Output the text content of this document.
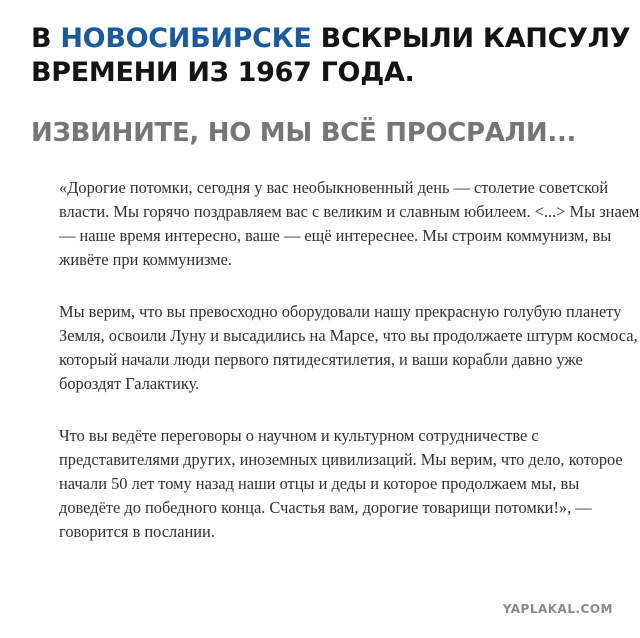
В НОВОСИБИРСКЕ ВСКРЫЛИ КАПСУЛУ
ВРЕМЕНИ ИЗ 1967 ГОДА.
ИЗВИНИТЕ, НО МЫ ВСЁ ПРОСРАЛИ...

«Дорогие потомки, сегодня у вас необыкновенный день — столетие советской
власти. Мы горячо поздравляем вас с великим и славным юбилеем. <...> Мы знаем
— наше время интересно, ваше — ещё интереснее. Мы строим коммунизм, вы
живёте при коммунизме.

Мы верим, что вы превосходно оборудовали нашу прекрасную голубую планету
Земля, освоили Луну и высадились на Марсе, что вы продолжаете штурм космоса,
который начали люди первого пятидесятилетия, и ваши корабли давно уже
бороздят Галактику.

Что вы ведёте переговоры о научном и культурном сотрудничестве с
представителями других, иноземных цивилизаций. Мы верим, что дело, которое
начали 50 лет тому назад наши отцы и деды и которое продолжаем мы, вы
доведёте до победного конца. Счастья вам, дорогие товарищи потомки!», —
говорится в послании.

YAPLAKAL.COM
